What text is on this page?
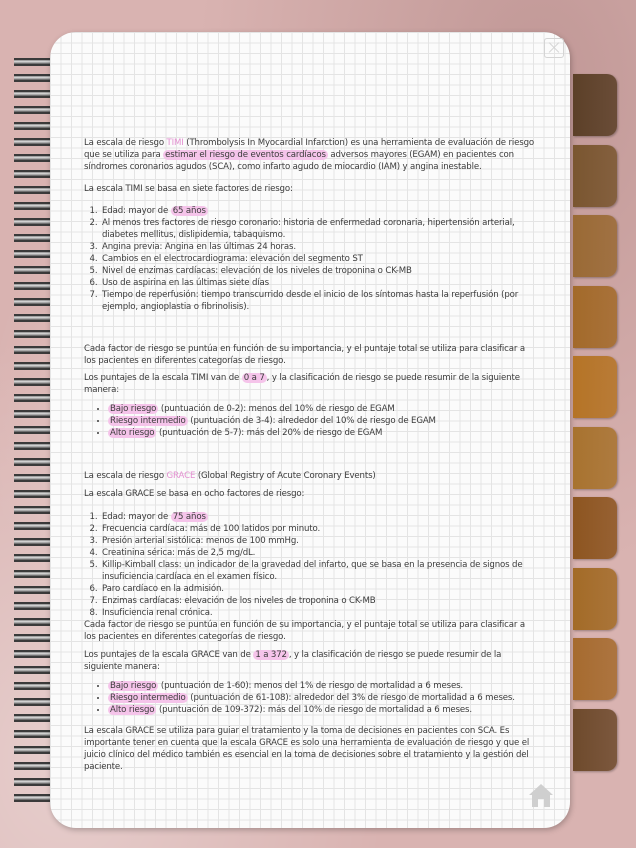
La escala de riesgo TIMI (Thrombolysis In Myocardial Infarction) es una herramienta de evaluación de riesgo que se utiliza para estimar el riesgo de eventos cardíacos adversos mayores (EGAM) en pacientes con síndromes coronarios agudos (SCA), como infarto agudo de miocardio (IAM) y angina inestable.

La escala TIMI se basa en siete factores de riesgo:

1. Edad: mayor de 65 años
2. Al menos tres factores de riesgo coronario: historia de enfermedad coronaria, hipertensión arterial, diabetes mellitus, dislipidemia, tabaquismo.
3. Angina previa: Angina en las últimas 24 horas.
4. Cambios en el electrocardiograma: elevación del segmento ST
5. Nivel de enzimas cardíacas: elevación de los niveles de troponina o CK-MB
6. Uso de aspirina en las últimas siete días
7. Tiempo de reperfusión: tiempo transcurrido desde el inicio de los síntomas hasta la reperfusión (por ejemplo, angioplastia o fibrinolisis).

Cada factor de riesgo se puntúa en función de su importancia, y el puntaje total se utiliza para clasificar a los pacientes en diferentes categorías de riesgo.

Los puntajes de la escala TIMI van de 0 a 7 , y la clasificación de riesgo se puede resumir de la siguiente manera:

• Bajo riesgo (puntuación de 0-2): menos del 10% de riesgo de EGAM
• Riesgo intermedio (puntuación de 3-4): alrededor del 10% de riesgo de EGAM
• Alto riesgo (puntuación de 5-7): más del 20% de riesgo de EGAM

La escala de riesgo GRACE (Global Registry of Acute Coronary Events)

La escala GRACE se basa en ocho factores de riesgo:

1. Edad: mayor de 75 años
2. Frecuencia cardíaca: más de 100 latidos por minuto.
3. Presión arterial sistólica: menos de 100 mmHg.
4. Creatinina sérica: más de 2,5 mg/dL.
5. Killip-Kimball class: un indicador de la gravedad del infarto, que se basa en la presencia de signos de insuficiencia cardíaca en el examen físico.
6. Paro cardíaco en la admisión.
7. Enzimas cardíacas: elevación de los niveles de troponina o CK-MB
8. Insuficiencia renal crónica.

Cada factor de riesgo se puntúa en función de su importancia, y el puntaje total se utiliza para clasificar a los pacientes en diferentes categorías de riesgo.

Los puntajes de la escala GRACE van de 1 a 372 , y la clasificación de riesgo se puede resumir de la siguiente manera:

• Bajo riesgo (puntuación de 1-60): menos del 1% de riesgo de mortalidad a 6 meses.
• Riesgo intermedio (puntuación de 61-108): alrededor del 3% de riesgo de mortalidad a 6 meses.
• Alto riesgo (puntuación de 109-372): más del 10% de riesgo de mortalidad a 6 meses.

La escala GRACE se utiliza para guiar el tratamiento y la toma de decisiones en pacientes con SCA. Es importante tener en cuenta que la escala GRACE es solo una herramienta de evaluación de riesgo y que el juicio clínico del médico también es esencial en la toma de decisiones sobre el tratamiento y la gestión del paciente.
